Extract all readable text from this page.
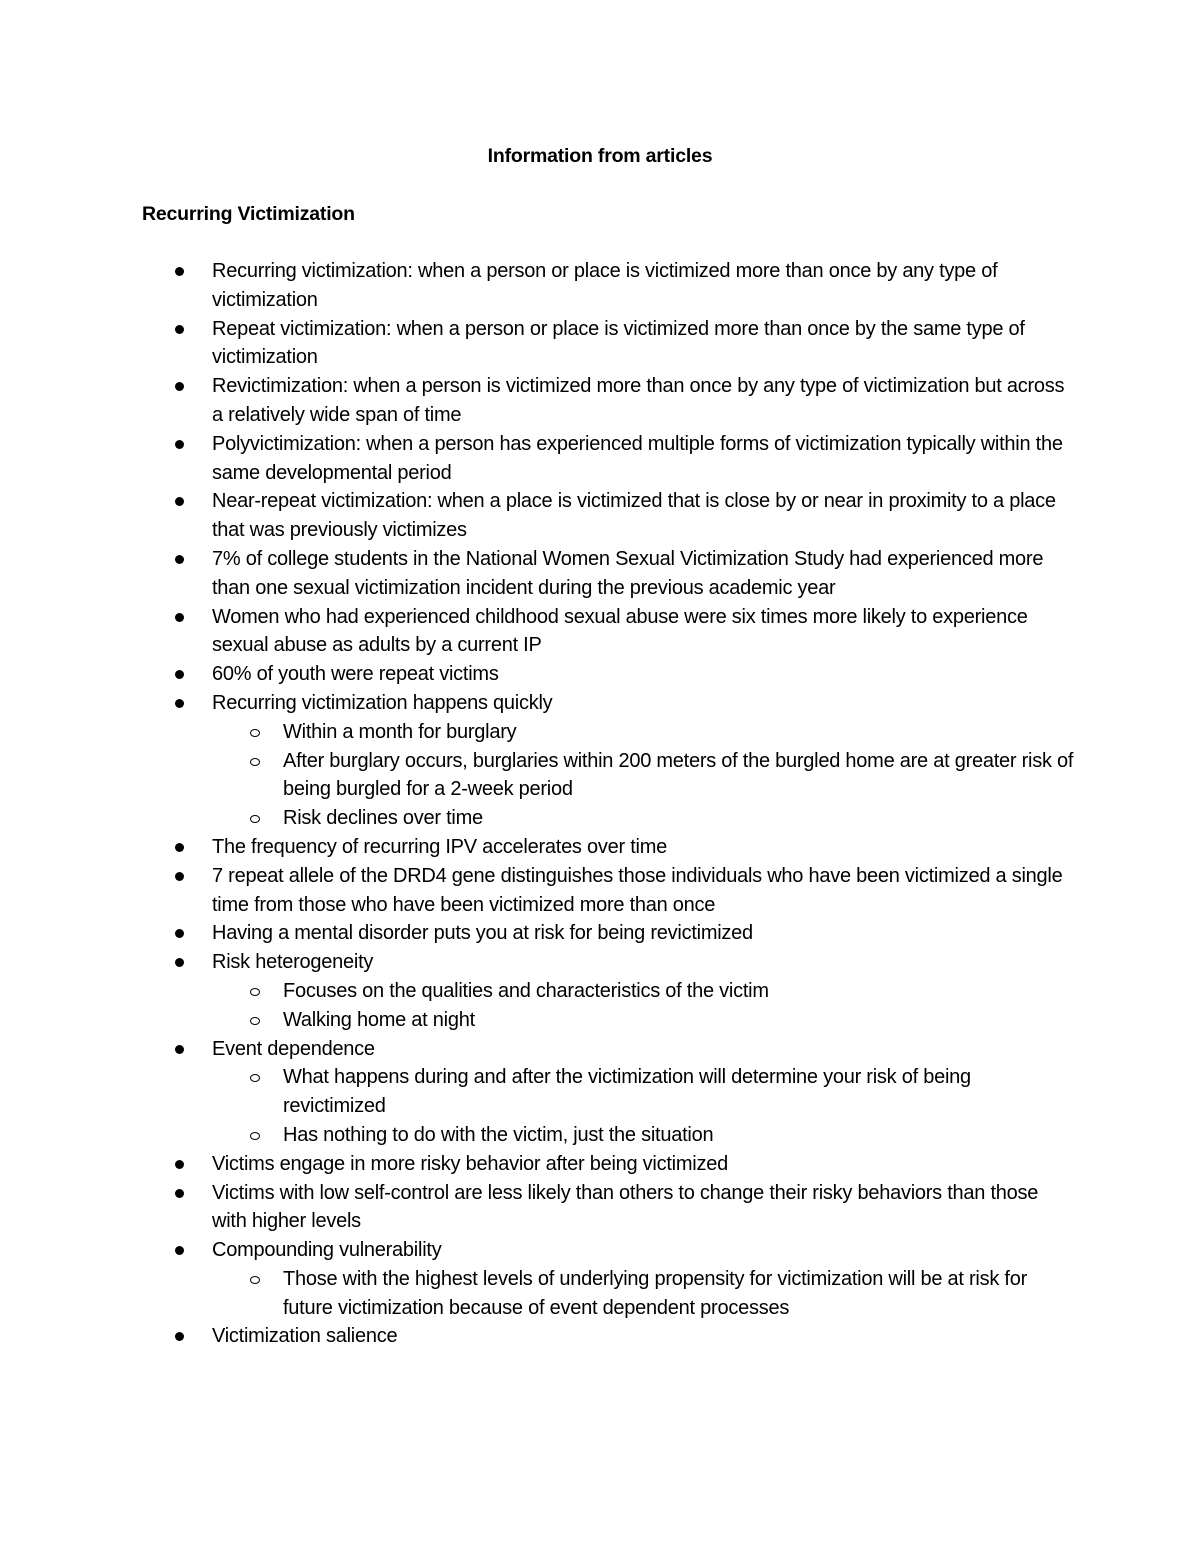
Information from articles
Recurring Victimization
Recurring victimization: when a person or place is victimized more than once by any type of victimization
Repeat victimization: when a person or place is victimized more than once by the same type of victimization
Revictimization: when a person is victimized more than once by any type of victimization but across a relatively wide span of time
Polyvictimization: when a person has experienced multiple forms of victimization typically within the same developmental period
Near-repeat victimization: when a place is victimized that is close by or near in proximity to a place that was previously victimizes
7% of college students in the National Women Sexual Victimization Study had experienced more than one sexual victimization incident during the previous academic year
Women who had experienced childhood sexual abuse were six times more likely to experience sexual abuse as adults by a current IP
60% of youth were repeat victims
Recurring victimization happens quickly
Within a month for burglary
After burglary occurs, burglaries within 200 meters of the burgled home are at greater risk of being burgled for a 2-week period
Risk declines over time
The frequency of recurring IPV accelerates over time
7 repeat allele of the DRD4 gene distinguishes those individuals who have been victimized a single time from those who have been victimized more than once
Having a mental disorder puts you at risk for being revictimized
Risk heterogeneity
Focuses on the qualities and characteristics of the victim
Walking home at night
Event dependence
What happens during and after the victimization will determine your risk of being revictimized
Has nothing to do with the victim, just the situation
Victims engage in more risky behavior after being victimized
Victims with low self-control are less likely than others to change their risky behaviors than those with higher levels
Compounding vulnerability
Those with the highest levels of underlying propensity for victimization will be at risk for future victimization because of event dependent processes
Victimization salience
